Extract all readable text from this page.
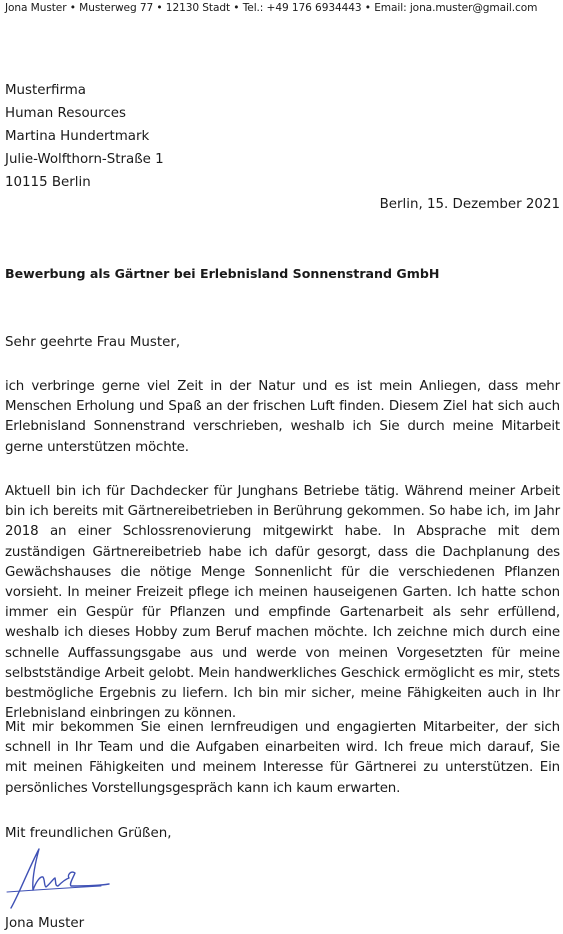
Jona Muster • Musterweg 77 • 12130 Stadt • Tel.: +49 176 6934443 • Email: jona.muster@gmail.com
Musterfirma
Human Resources
Martina Hundertmark
Julie-Wolfthorn-Straße 1
10115 Berlin
Berlin, 15. Dezember 2021
Bewerbung als Gärtner bei Erlebnisland Sonnenstrand GmbH
Sehr geehrte Frau Muster,
ich verbringe gerne viel Zeit in der Natur und es ist mein Anliegen, dass mehr Menschen Erholung und Spaß an der frischen Luft finden. Diesem Ziel hat sich auch Erlebnisland Sonnenstrand verschrieben, weshalb ich Sie durch meine Mitarbeit gerne unterstützen möchte.
Aktuell bin ich für Dachdecker für Junghans Betriebe tätig. Während meiner Arbeit bin ich bereits mit Gärtnereibetrieben in Berührung gekommen. So habe ich, im Jahr 2018 an einer Schlossrenovierung mitgewirkt habe. In Absprache mit dem zuständigen Gärtnereibetrieb habe ich dafür gesorgt, dass die Dachplanung des Gewächshauses die nötige Menge Sonnenlicht für die verschiedenen Pflanzen vorsieht. In meiner Freizeit pflege ich meinen hauseigenen Garten. Ich hatte schon immer ein Gespür für Pflanzen und empfinde Gartenarbeit als sehr erfüllend, weshalb ich dieses Hobby zum Beruf machen möchte. Ich zeichne mich durch eine schnelle Auffassungsgabe aus und werde von meinen Vorgesetzten für meine selbstständige Arbeit gelobt. Mein handwerkliches Geschick ermöglicht es mir, stets bestmögliche Ergebnis zu liefern. Ich bin mir sicher, meine Fähigkeiten auch in Ihr Erlebnisland einbringen zu können.
Mit mir bekommen Sie einen lernfreudigen und engagierten Mitarbeiter, der sich schnell in Ihr Team und die Aufgaben einarbeiten wird. Ich freue mich darauf, Sie mit meinen Fähigkeiten und meinem Interesse für Gärtnerei zu unterstützen. Ein persönliches Vorstellungsgespräch kann ich kaum erwarten.
Mit freundlichen Grüßen,
Jona Muster
